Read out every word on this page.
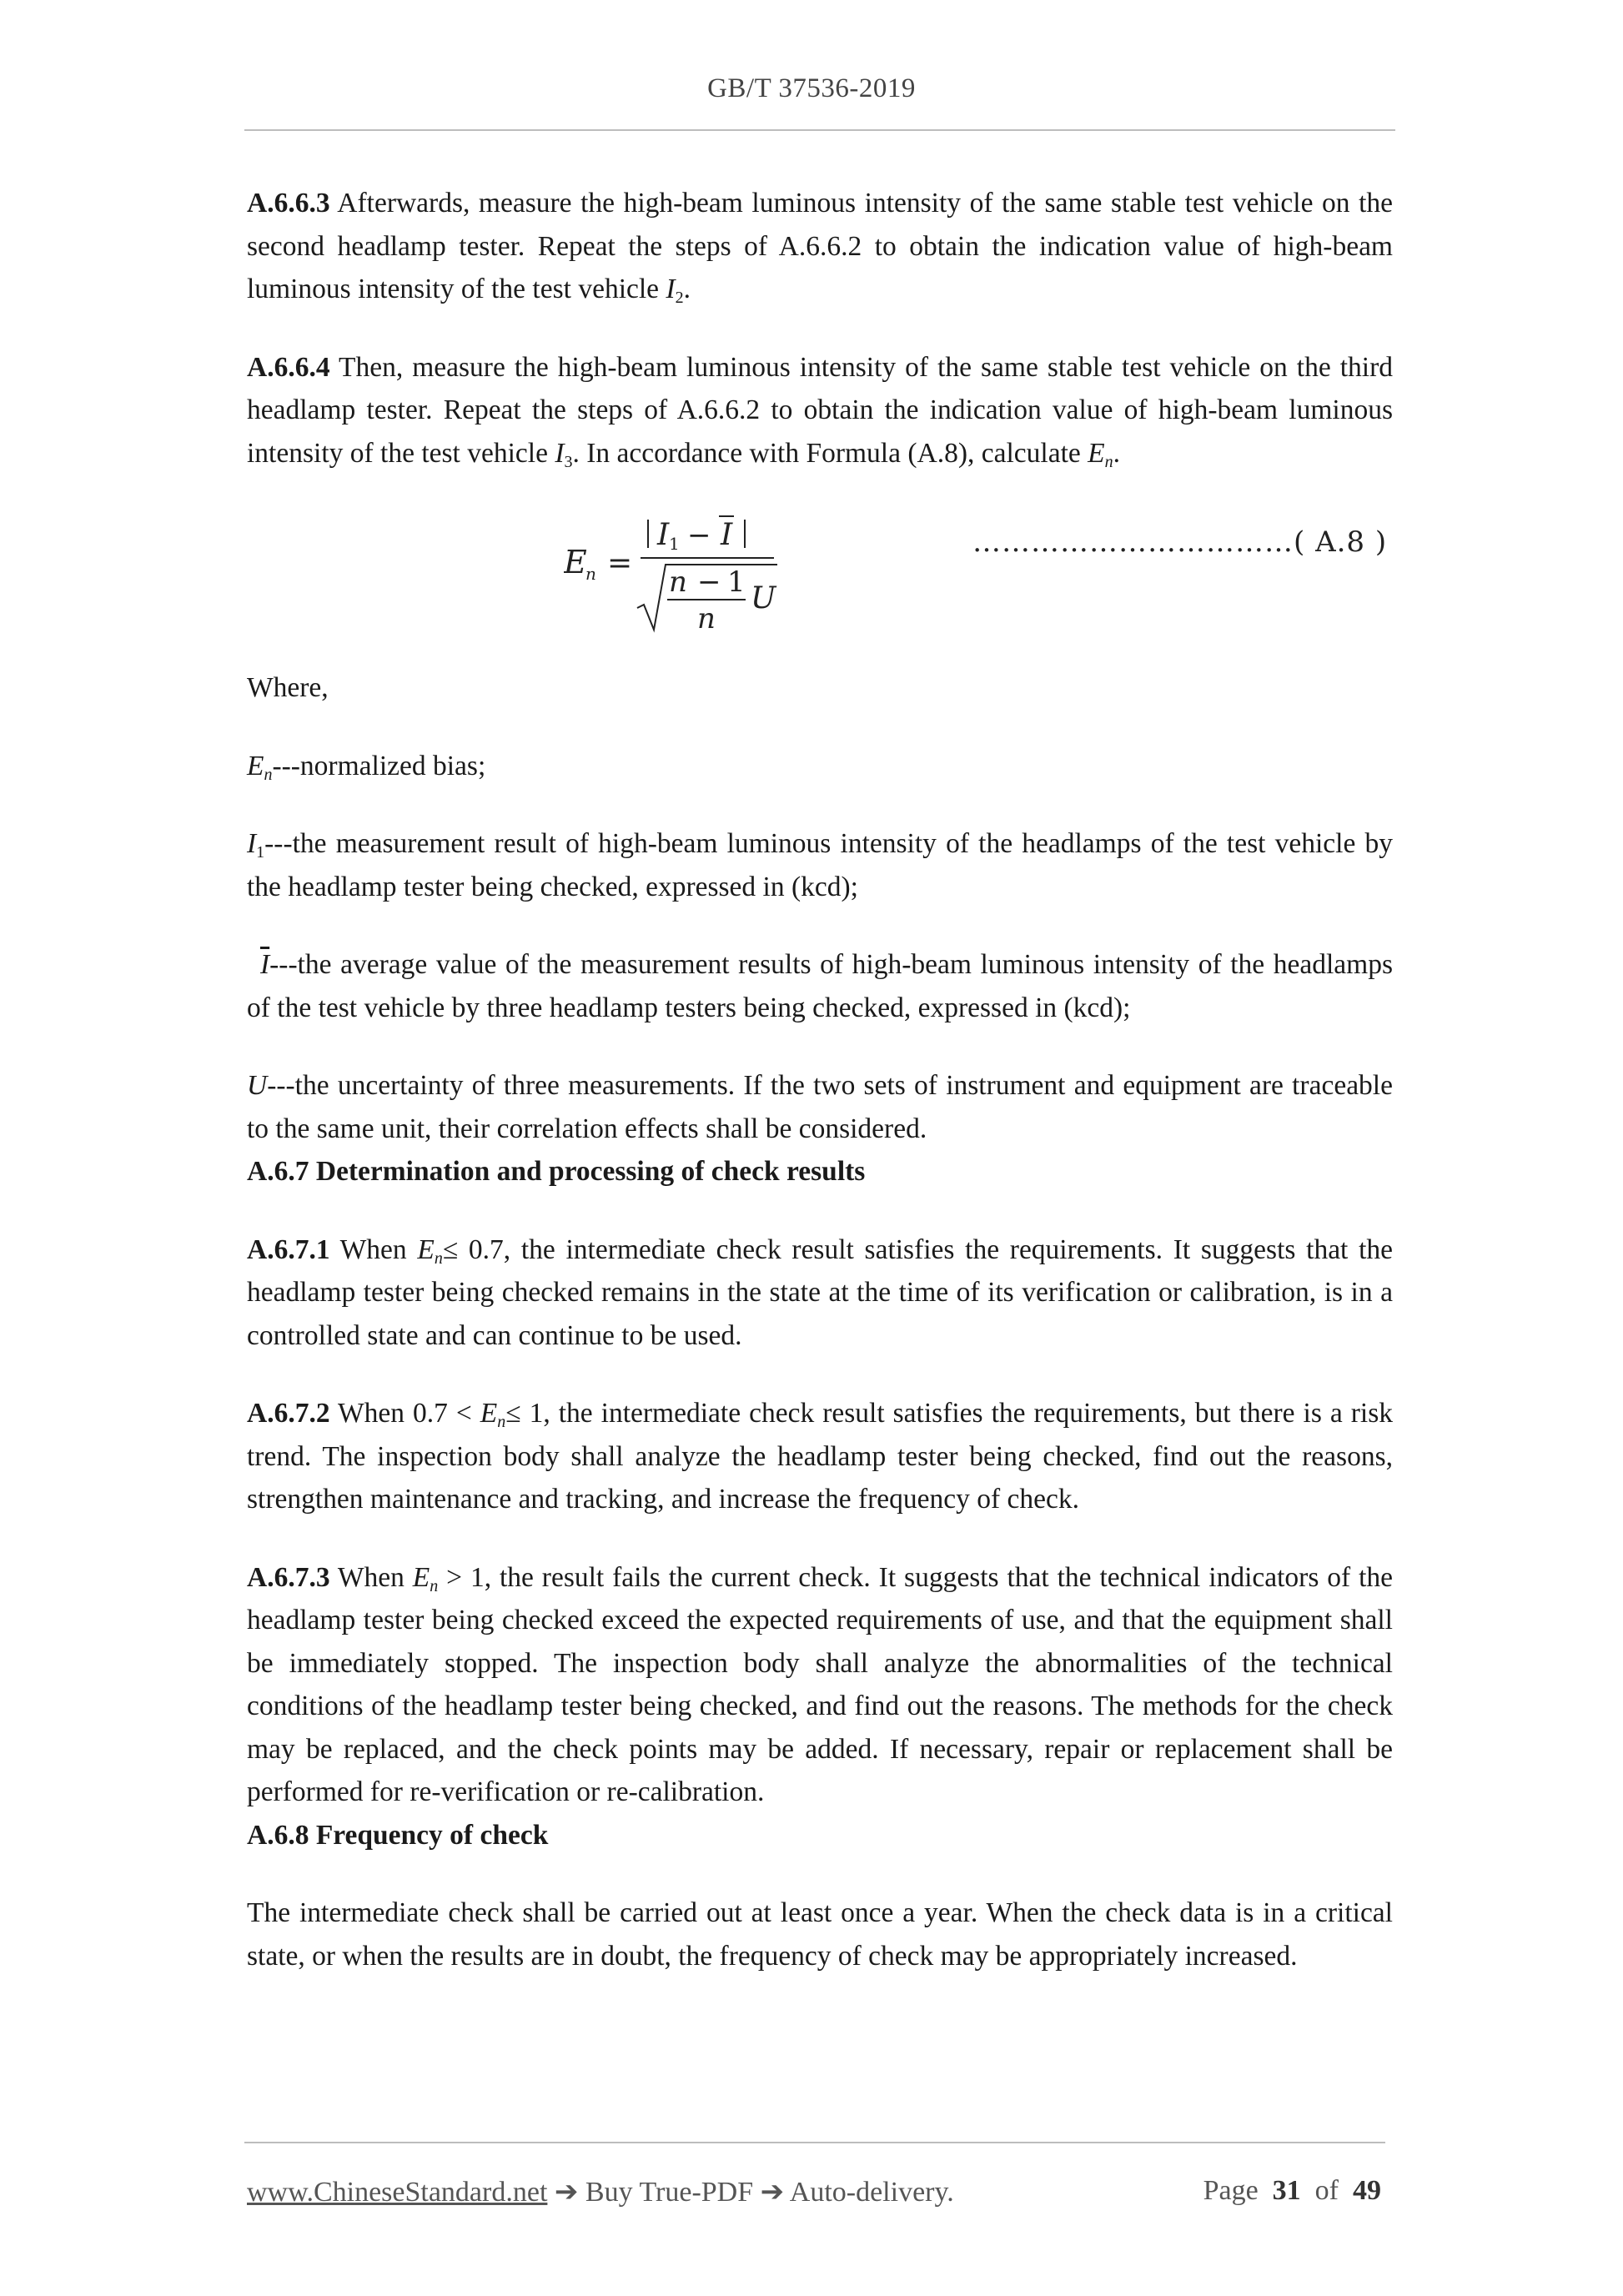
GB/T 37536-2019

A.6.6.3 Afterwards, measure the high-beam luminous intensity of the same stable test vehicle on the second headlamp tester. Repeat the steps of A.6.6.2 to obtain the indication value of high-beam luminous intensity of the test vehicle $I_2$.

A.6.6.4 Then, measure the high-beam luminous intensity of the same stable test vehicle on the third headlamp tester. Repeat the steps of A.6.6.2 to obtain the indication value of high-beam luminous intensity of the test vehicle $I_3$. In accordance with Formula (A.8), calculate $E_n$.

E
n =
I 1 − I
n − 1
n
U
……………………………( A.8 )

Where,

$E_n--$-normalized bias;

$I_1--$-the measurement result of high-beam luminous intensity of the headlamps of the test vehicle by the headlamp tester being checked, expressed in (kcd);

$\overline{I}--$-the average value of the measurement results of high-beam luminous intensity of the headlamps of the test vehicle by three headlamp testers being checked, expressed in (kcd);

U---the uncertainty of three measurements. If the two sets of instrument and equipment are traceable to the same unit, their correlation effects shall be considered.

A.6.7 Determination and processing of check results

A.6.7.1 When $E_n\le 0.7$, the intermediate check result satisfies the requirements. It suggests that the headlamp tester being checked remains in the state at the time of its verification or calibration, is in a controlled state and can continue to be used.

A.6.7.2 When $0.7 < E_n\le 1$, the intermediate check result satisfies the requirements, but there is a risk trend. The inspection body shall analyze the headlamp tester being checked, find out the reasons, strengthen maintenance and tracking, and increase the frequency of check.

A.6.7.3 When $E_n > 1$, the result fails the current check. It suggests that the technical indicators of the headlamp tester being checked exceed the expected requirements of use, and that the equipment shall be immediately stopped. The inspection body shall analyze the abnormalities of the technical conditions of the headlamp tester being checked, and find out the reasons. The methods for the check may be replaced, and the check points may be added. If necessary, repair or replacement shall be performed for re-verification or re-calibration.

A.6.8 Frequency of check

The intermediate check shall be carried out at least once a year. When the check data is in a critical state, or when the results are in doubt, the frequency of check may be appropriately increased.

www.ChineseStandard.net ➔ Buy True-PDF ➔ Auto-delivery.	Page 31 of 49
